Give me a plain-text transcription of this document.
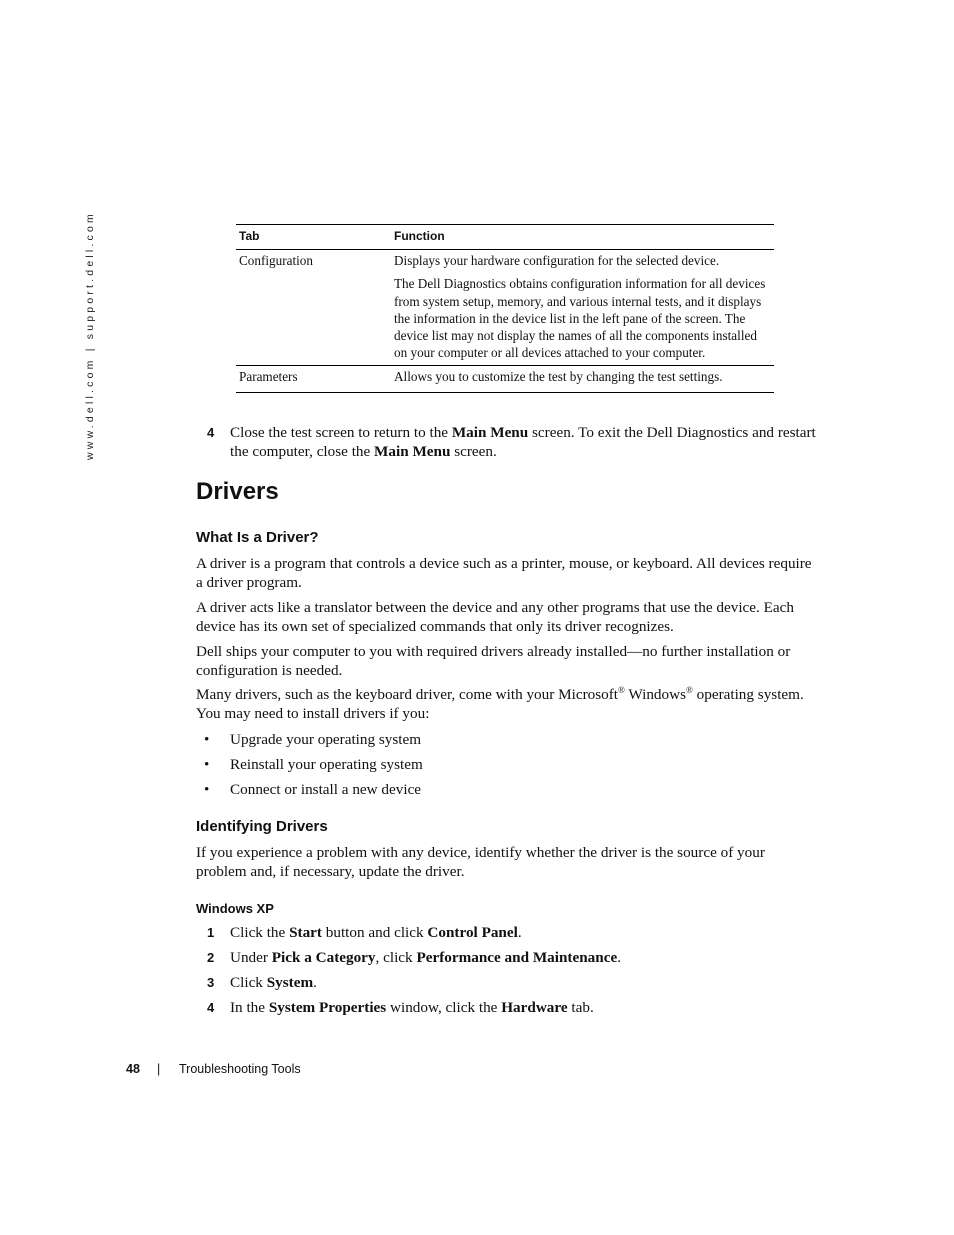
www.dell.com | support.dell.com	Tab	Function
Configuration	Displays your hardware configuration for the selected device.

The Dell Diagnostics obtains configuration information for all devices from system setup, memory, and various internal tests, and it displays the information in the device list in the left pane of the screen. The device list may not display the names of all the components installed on your computer or all devices attached to your computer.

Parameters	Allows you to customize the test by changing the test settings.

4 Close the test screen to return to the Main Menu screen. To exit the Dell Diagnostics and restart the computer, close the Main Menu screen.
Drivers
What Is a Driver?

A driver is a program that controls a device such as a printer, mouse, or keyboard. All devices require a driver program.

A driver acts like a translator between the device and any other programs that use the device. Each device has its own set of specialized commands that only its driver recognizes.

Dell ships your computer to you with required drivers already installed—no further installation or configuration is needed.

Many drivers, such as the keyboard driver, come with your Microsoft® Windows® operating system. You may need to install drivers if you:

• Upgrade your operating system
• Reinstall your operating system
• Connect or install a new device
Identifying Drivers

If you experience a problem with any device, identify whether the driver is the source of your problem and, if necessary, update the driver.

Windows XP
1 Click the Start button and click Control Panel.
2 Under Pick a Category, click Performance and Maintenance.
3 Click System.
4 In the System Properties window, click the Hardware tab.
48 | Troubleshooting Tools
